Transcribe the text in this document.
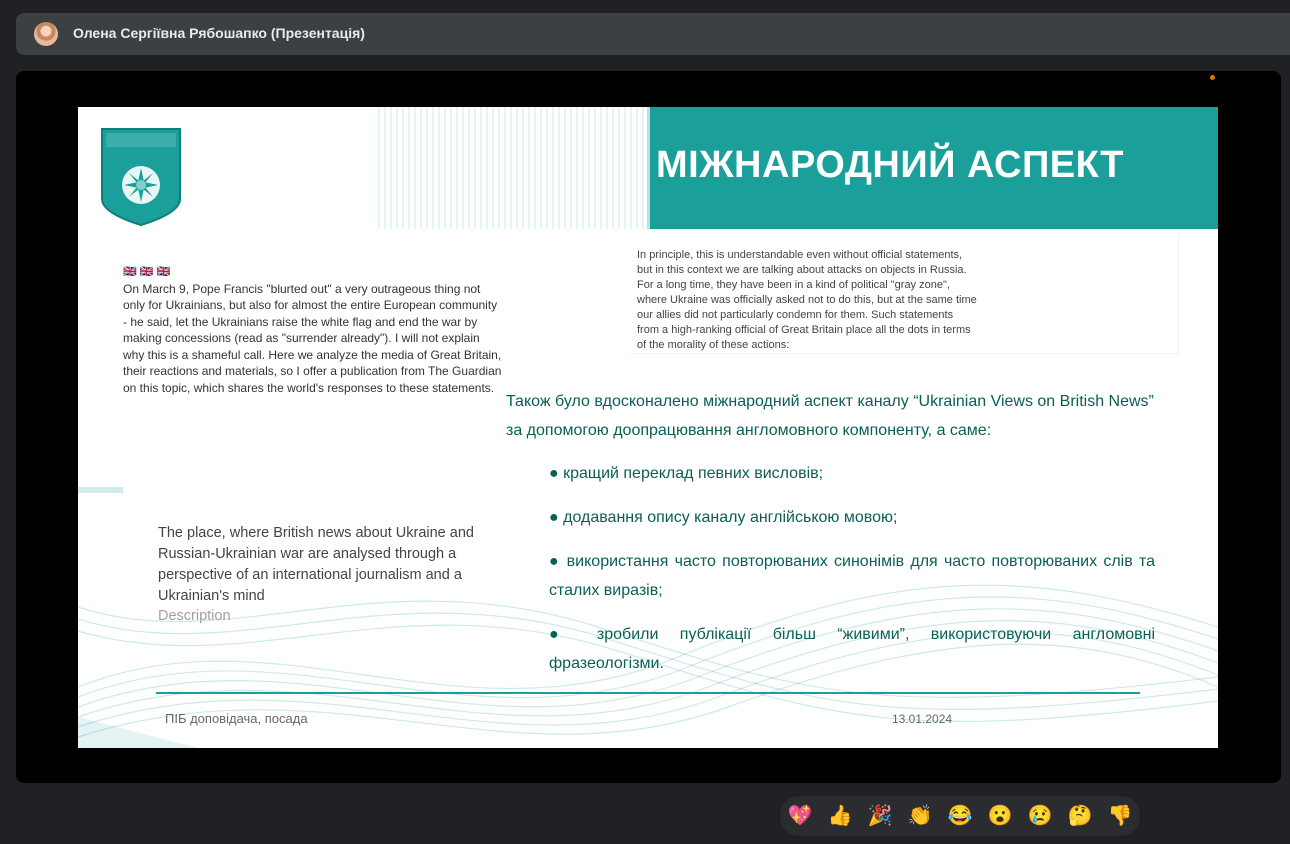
Олена Сергіївна Рябошапко (Презентація)
МІЖНАРОДНИЙ АСПЕКТ
🇬🇧 🇬🇧 🇬🇧
On March 9, Pope Francis "blurted out" a very outrageous thing not only for Ukrainians, but also for almost the entire European community - he said, let the Ukrainians raise the white flag and end the war by making concessions (read as "surrender already"). I will not explain why this is a shameful call. Here we analyze the media of Great Britain, their reactions and materials, so I offer a publication from The Guardian on this topic, which shares the world's responses to these statements.
In principle, this is understandable even without official statements, but in this context we are talking about attacks on objects in Russia. For a long time, they have been in a kind of political "gray zone", where Ukraine was officially asked not to do this, but at the same time our allies did not particularly condemn for them. Such statements from a high-ranking official of Great Britain place all the dots in terms of the morality of these actions:
Також було вдосконалено міжнародний аспект каналу “Ukrainian Views on British News” за допомогою доопрацювання англомовного компоненту, а саме:
● кращий переклад певних висловів;
● додавання опису каналу англійською мовою;
● використання часто повторюваних синонімів для часто повторюваних слів та сталих виразів;
● зробили публікації більш “живими”, використовуючи англомовні фразеологізми.
The place, where British news about Ukraine and Russian-Ukrainian war are analysed through a perspective of an international journalism and a Ukrainian's mind
Description
ПІБ доповідача, посада	13.01.2024
💖 👍 🎉 👏 😂 😮 😢 🤔 👎
